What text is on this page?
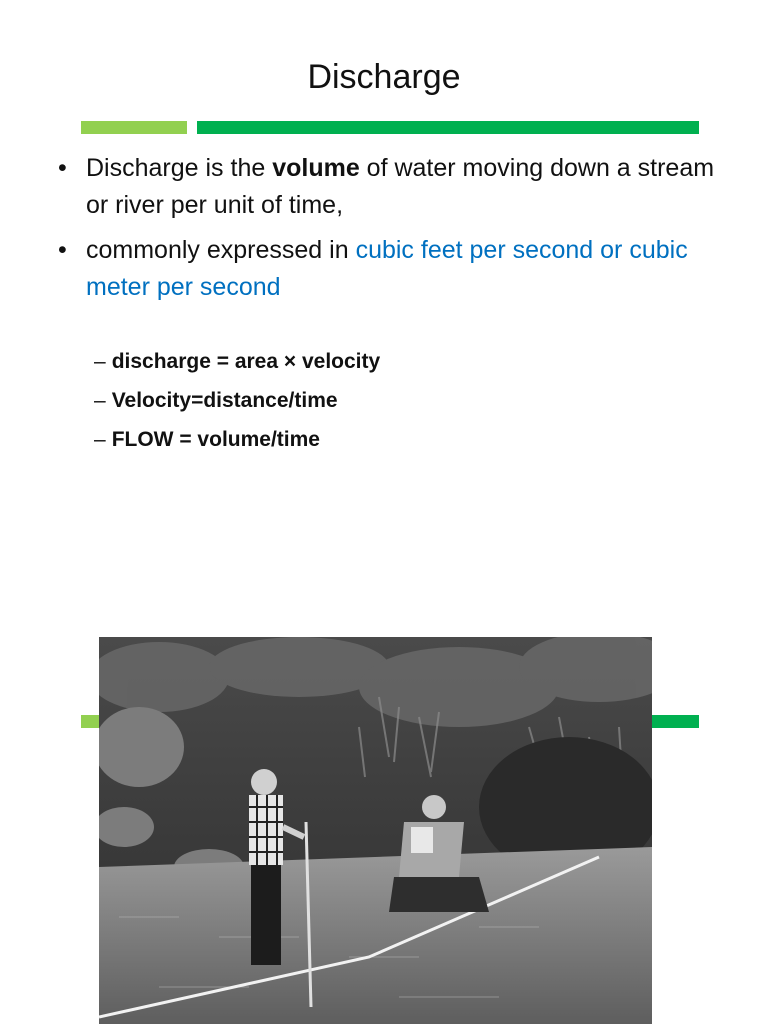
Discharge
• Discharge is the volume of water moving down a stream or river per unit of time,
• commonly expressed in cubic feet per second or cubic meter per second
– discharge = area × velocity
– Velocity=distance/time
– FLOW = volume/time
